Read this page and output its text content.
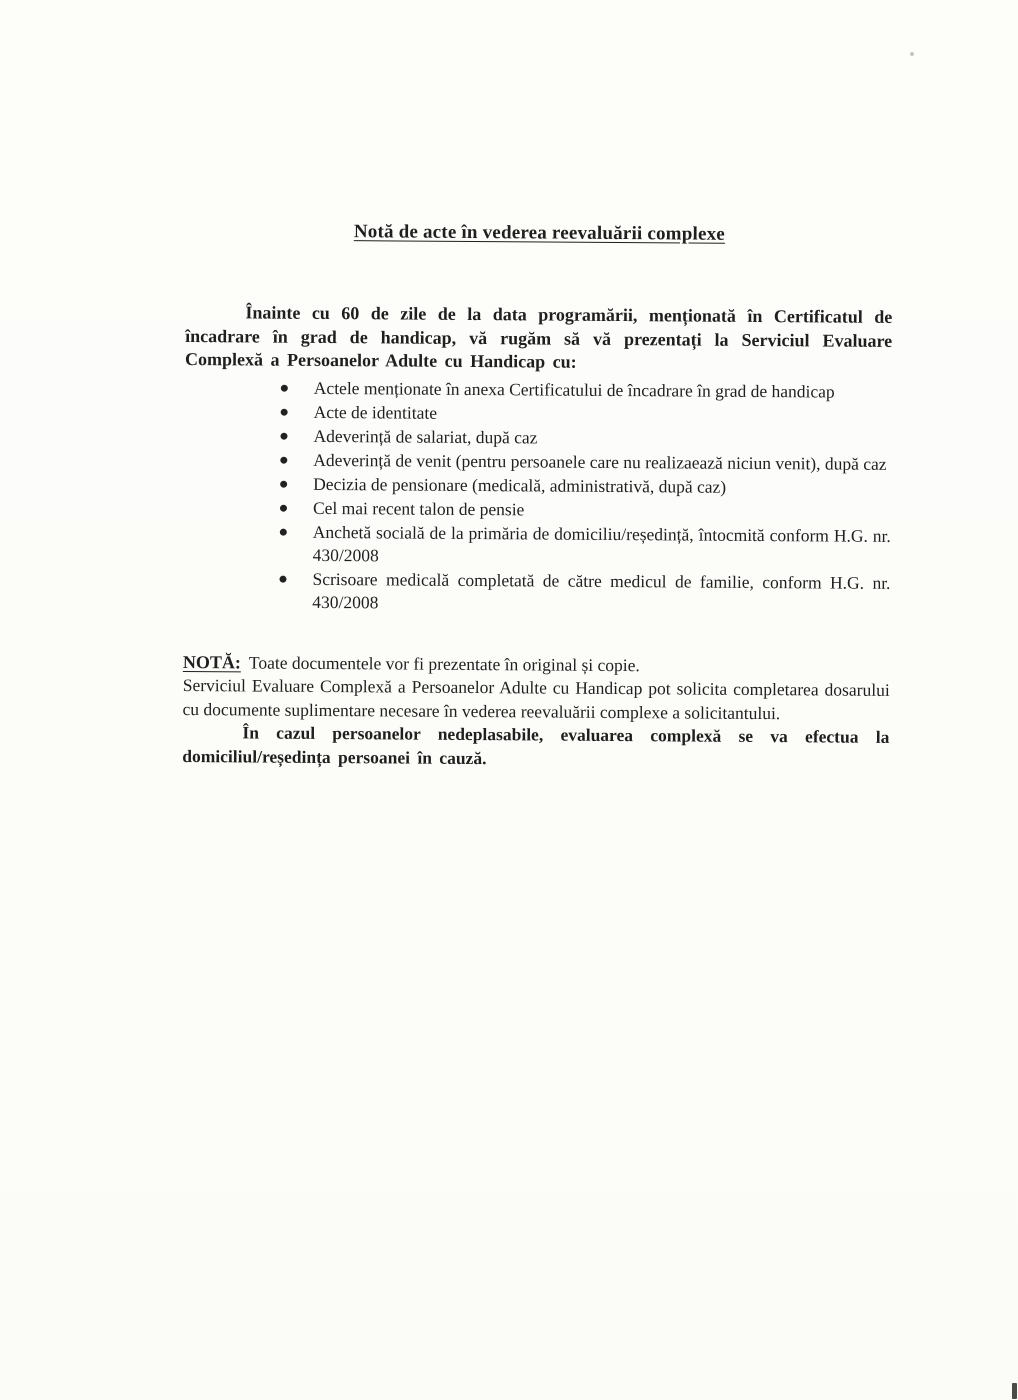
Notă de acte în vederea reevaluării complexe

Înainte cu 60 de zile de la data programării, menționată în Certificatul de încadrare în grad de handicap, vă rugăm să vă prezentați la Serviciul Evaluare Complexă a Persoanelor Adulte cu Handicap cu:

Actele menționate în anexa Certificatului de încadrare în grad de handicap
Acte de identitate
Adeverință de salariat, după caz
Adeverință de venit (pentru persoanele care nu realizaează niciun venit), după caz
Decizia de pensionare (medicală, administrativă, după caz)
Cel mai recent talon de pensie
Anchetă socială de la primăria de domiciliu/reședință, întocmită conform H.G. nr. 430/2008
Scrisoare medicală completată de către medicul de familie, conform H.G. nr. 430/2008

NOTĂ: Toate documentele vor fi prezentate în original și copie.

Serviciul Evaluare Complexă a Persoanelor Adulte cu Handicap pot solicita completarea dosarului cu documente suplimentare necesare în vederea reevaluării complexe a solicitantului.

În cazul persoanelor nedeplasabile, evaluarea complexă se va efectua la domiciliul/reședința persoanei în cauză.
